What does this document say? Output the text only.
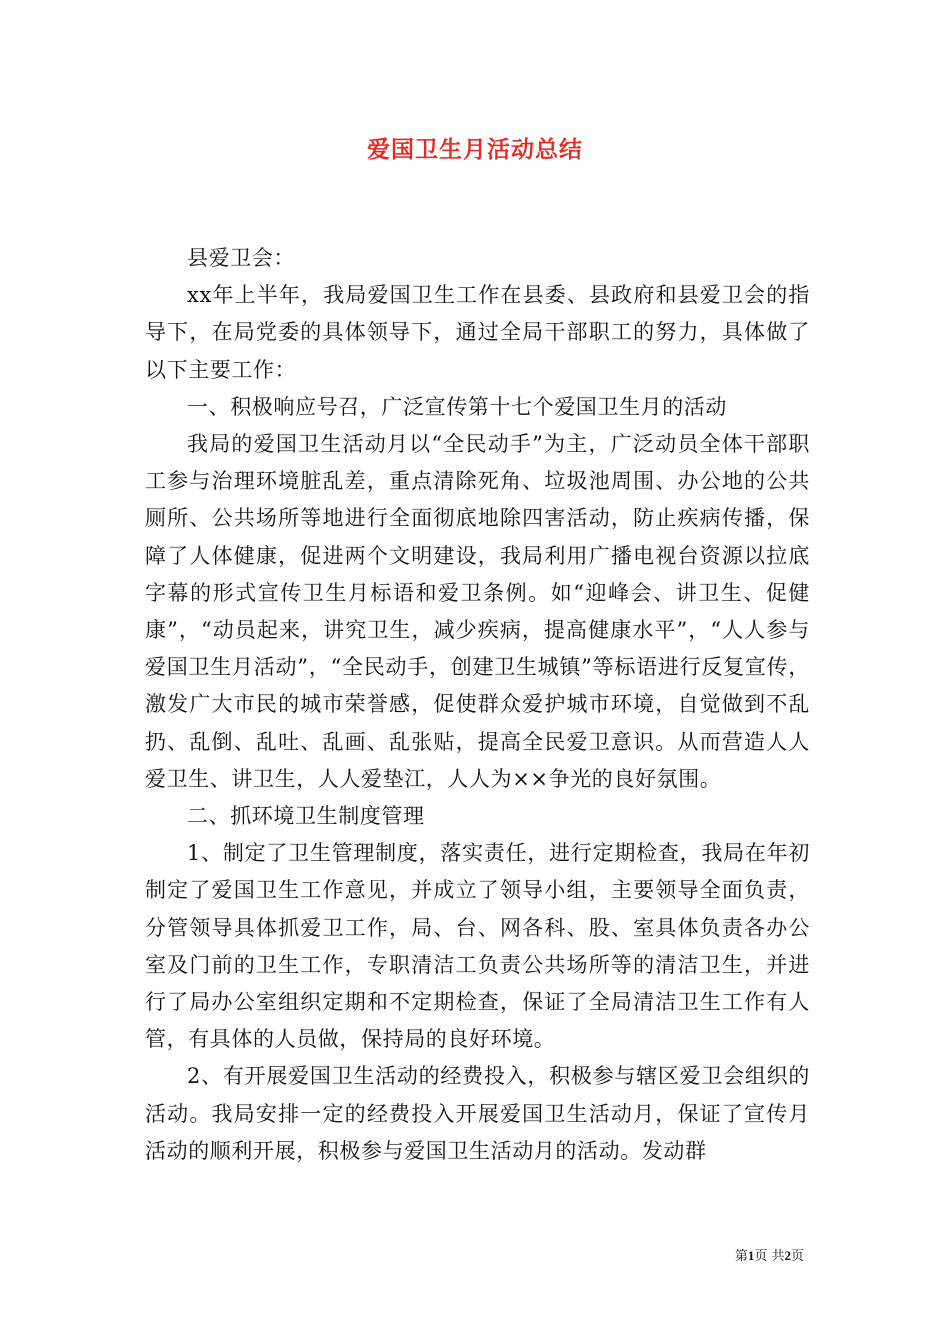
爱国卫生月活动总结

县爱卫会：

xx年上半年，我局爱国卫生工作在县委、县政府和县爱卫会的指导下，在局党委的具体领导下，通过全局干部职工的努力，具体做了以下主要工作：

一、积极响应号召，广泛宣传第十七个爱国卫生月的活动

我局的爱国卫生活动月以“全民动手”为主，广泛动员全体干部职工参与治理环境脏乱差，重点清除死角、垃圾池周围、办公地的公共厕所、公共场所等地进行全面彻底地除四害活动，防止疾病传播，保障了人体健康，促进两个文明建设，我局利用广播电视台资源以拉底字幕的形式宣传卫生月标语和爱卫条例。如“迎峰会、讲卫生、促健康”，“动员起来，讲究卫生，减少疾病，提高健康水平”，“人人参与爱国卫生月活动”，“全民动手，创建卫生城镇”等标语进行反复宣传，激发广大市民的城市荣誉感，促使群众爱护城市环境，自觉做到不乱扔、乱倒、乱吐、乱画、乱张贴，提高全民爱卫意识。从而营造人人爱卫生、讲卫生，人人爱垫江，人人为××争光的良好氛围。

二、抓环境卫生制度管理

1、制定了卫生管理制度，落实责任，进行定期检查，我局在年初制定了爱国卫生工作意见，并成立了领导小组，主要领导全面负责，分管领导具体抓爱卫工作，局、台、网各科、股、室具体负责各办公室及门前的卫生工作，专职清洁工负责公共场所等的清洁卫生，并进行了局办公室组织定期和不定期检查，保证了全局清洁卫生工作有人管，有具体的人员做，保持局的良好环境。

2、有开展爱国卫生活动的经费投入，积极参与辖区爱卫会组织的活动。我局安排一定的经费投入开展爱国卫生活动月，保证了宣传月活动的顺利开展，积极参与爱国卫生活动月的活动。发动群

第1页 共2页
